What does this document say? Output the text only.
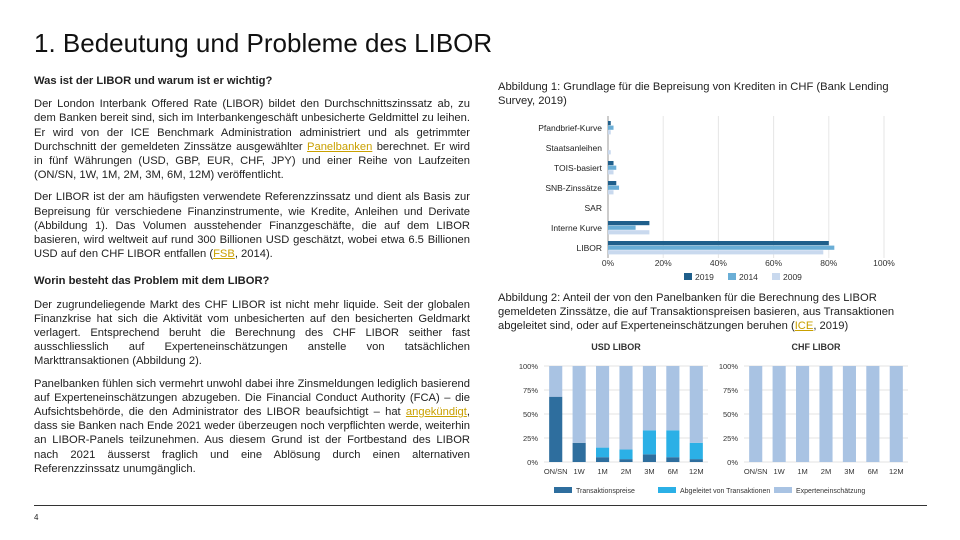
1. Bedeutung und Probleme des LIBOR
Was ist der LIBOR und warum ist er wichtig?

Der London Interbank Offered Rate (LIBOR) bildet den Durchschnittszinssatz ab, zu dem Banken bereit sind, sich im Interbankengeschäft unbesicherte Geldmittel zu leihen. Er wird von der ICE Benchmark Administration administriert und als getrimmter Durchschnitt der gemeldeten Zinssätze ausgewählter Panelbanken berechnet. Er wird in fünf Währungen (USD, GBP, EUR, CHF, JPY) und einer Reihe von Laufzeiten (ON/SN, 1W, 1M, 2M, 3M, 6M, 12M) veröffentlicht.

Der LIBOR ist der am häufigsten verwendete Referenzzinssatz und dient als Basis zur Bepreisung für verschiedene Finanzinstrumente, wie Kredite, Anleihen und Derivate (Abbildung 1). Das Volumen ausstehender Finanzgeschäfte, die auf dem LIBOR basieren, wird weltweit auf rund 300 Billionen USD geschätzt, wobei etwa 6.5 Billionen USD auf den CHF LIBOR entfallen (FSB, 2014).

Worin besteht das Problem mit dem LIBOR?

Der zugrundeliegende Markt des CHF LIBOR ist nicht mehr liquide. Seit der globalen Finanzkrise hat sich die Aktivität vom unbesicherten auf den besicherten Geldmarkt verlagert. Entsprechend beruht die Berechnung des CHF LIBOR seither fast ausschliesslich auf Experteneinschätzungen anstelle von tatsächlichen Markttransaktionen (Abbildung 2).

Panelbanken fühlen sich vermehrt unwohl dabei ihre Zinsmeldungen lediglich basierend auf Experteneinschätzungen abzugeben. Die Financial Conduct Authority (FCA) – die Aufsichtsbehörde, die den Administrator des LIBOR beaufsichtigt – hat angekündigt, dass sie Banken nach Ende 2021 weder überzeugen noch verpflichten werde, weiterhin an LIBOR-Panels teilzunehmen. Aus diesem Grund ist der Fortbestand des LIBOR nach 2021 äusserst fraglich und eine Ablösung durch einen alternativen Referenzzinssatz unumgänglich.

Abbildung 1: Grundlage für die Bepreisung von Krediten in CHF (Bank Lending Survey, 2019)
0%	20%	40%	60%	80%	100%
Pfandbrief-Kurve
Staatsanleihen
TOIS-basiert
SNB-Zinssätze
SAR
Interne Kurve
LIBOR
2019	2014	2009
Abbildung 2: Anteil der von den Panelbanken für die Berechnung des LIBOR gemeldeten Zinssätze, die auf Transaktionspreisen basieren, aus Transaktionen abgeleitet sind, oder auf Experteneinschätzungen beruhen (ICE, 2019)
USD LIBOR
0%
25%
50%
75%
100%
ON/SN 1W 1M 2M 3M 6M 12M
CHF LIBOR
0%
25%
50%
75%
100%
ON/SN 1W 1M 2M 3M 6M 12M
Transaktionspreise	Abgeleitet von Transaktionen	Experteneinschätzung
4
